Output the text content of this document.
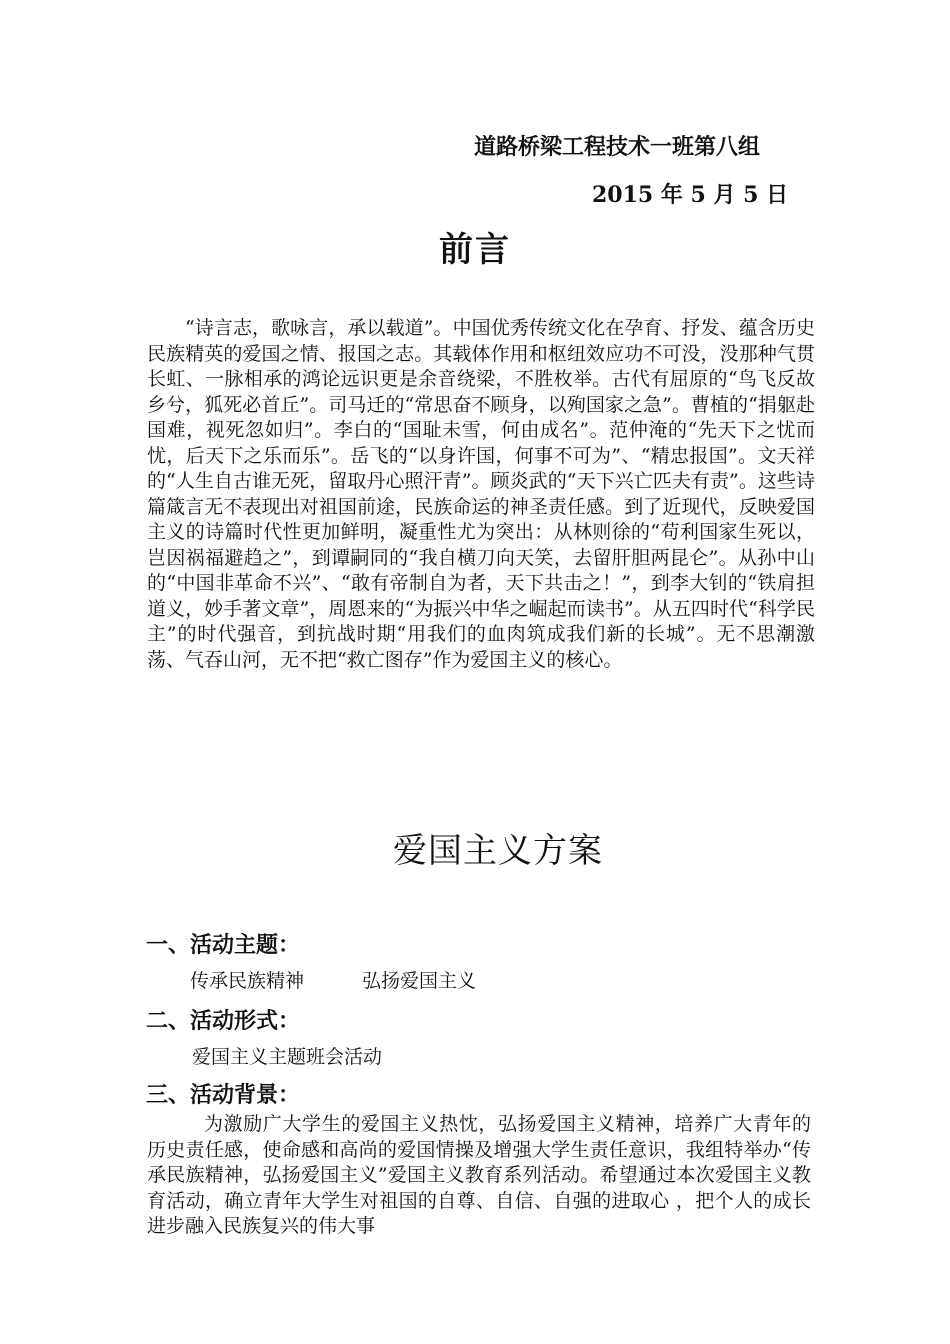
道路桥梁工程技术一班第八组
2015 年 5 月 5 日
前言

“诗言志，歌咏言，承以载道”。中国优秀传统文化在孕育、抒发、蕴含历史民族精英的爱国之情、报国之志。其载体作用和枢纽效应功不可没，没那种气贯长虹、一脉相承的鸿论远识更是余音绕梁，不胜枚举。古代有屈原的“鸟飞反故乡兮，狐死必首丘”。司马迁的“常思奋不顾身，以殉国家之急”。曹植的“捐躯赴国难，视死忽如归”。李白的“国耻未雪，何由成名”。范仲淹的“先天下之忧而忧，后天下之乐而乐”。岳飞的“以身许国，何事不可为”、“精忠报国”。文天祥的“人生自古谁无死，留取丹心照汗青”。顾炎武的“天下兴亡匹夫有责”。这些诗篇箴言无不表现出对祖国前途，民族命运的神圣责任感。到了近现代，反映爱国主义的诗篇时代性更加鲜明，凝重性尤为突出：从林则徐的“苟利国家生死以，岂因祸福避趋之”，到谭嗣同的“我自横刀向天笑，去留肝胆两昆仑”。从孙中山的“中国非革命不兴”、“敢有帝制自为者，天下共击之！”，到李大钊的“铁肩担道义，妙手著文章”，周恩来的“为振兴中华之崛起而读书”。从五四时代“科学民主”的时代强音，到抗战时期“用我们的血肉筑成我们新的长城”。无不思潮激荡、气吞山河，无不把“救亡图存”作为爱国主义的核心。

爱国主义方案
一、活动主题：
传承民族精神	弘扬爱国主义
二、活动形式：
爱国主义主题班会活动
三、活动背景：

为激励广大学生的爱国主义热忱，弘扬爱国主义精神，培养广大青年的历史责任感，使命感和高尚的爱国情操及增强大学生责任意识，我组特举办“传承民族精神，弘扬爱国主义”爱国主义教育系列活动。希望通过本次爱国主义教育活动，确立青年大学生对祖国的自尊、自信、自强的进取心 ，把个人的成长进步融入民族复兴的伟大事
